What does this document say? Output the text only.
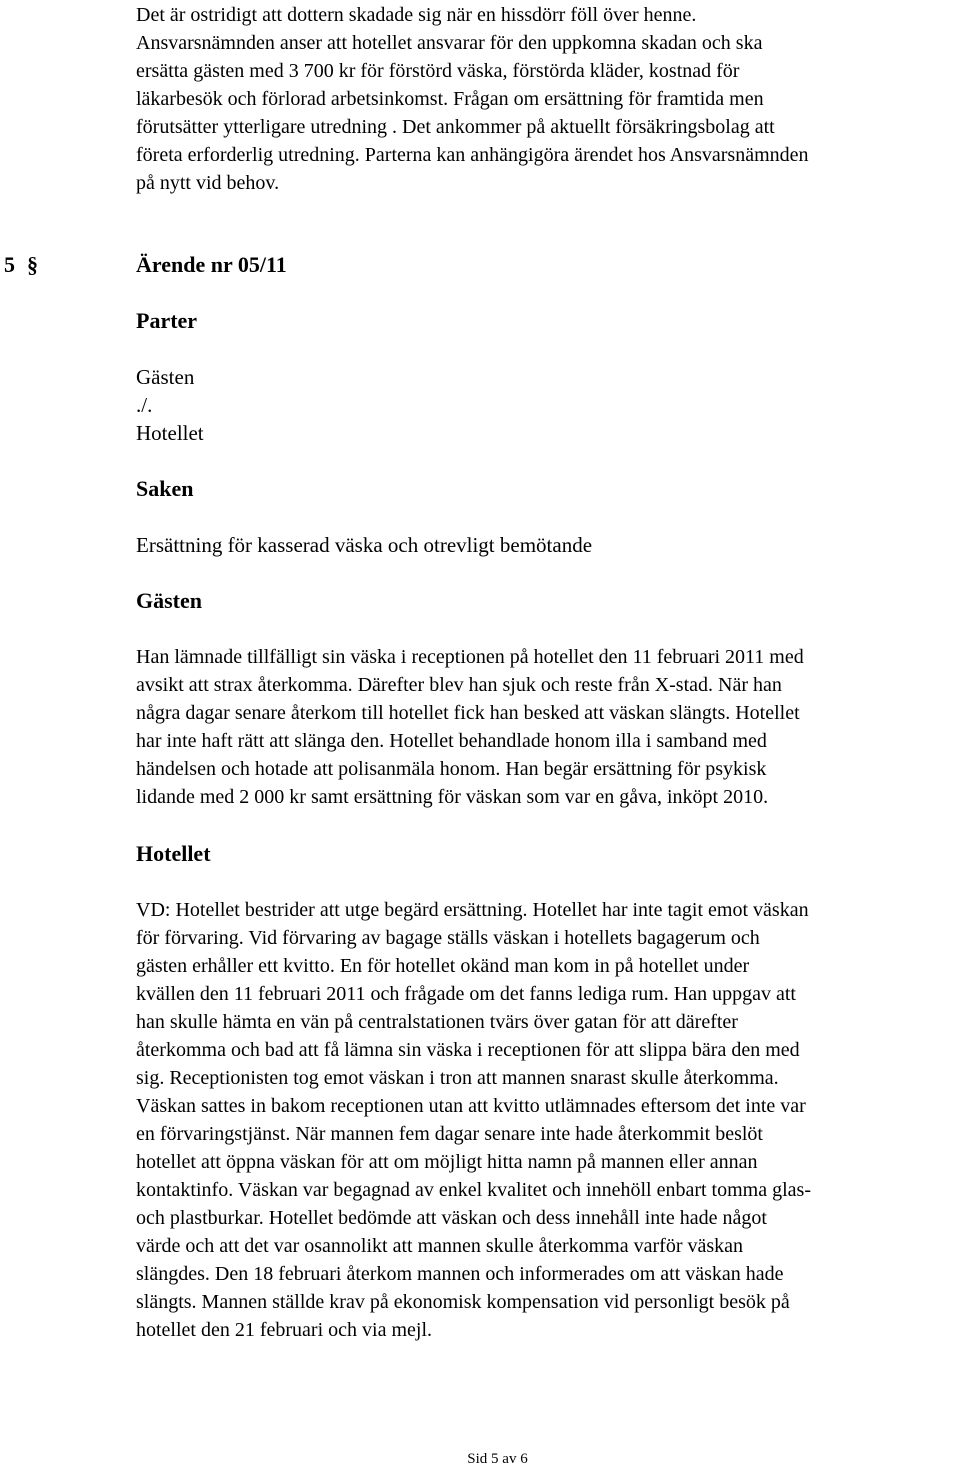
Det är ostridigt att dottern skadade sig när en hissdörr föll över henne.
Ansvarsnämnden anser att hotellet ansvarar för den uppkomna skadan och ska
ersätta gästen med 3 700 kr för förstörd väska, förstörda kläder, kostnad för
läkarbesök och förlorad arbetsinkomst. Frågan om ersättning för framtida men
förutsätter ytterligare utredning . Det ankommer på aktuellt försäkringsbolag att
företa erforderlig utredning. Parterna kan anhängigöra ärendet hos Ansvarsnämnden
på nytt vid behov.
5 §	Ärende nr 05/11
Parter

Gästen

./.

Hotellet

Saken

Ersättning för kasserad väska och otrevligt bemötande

Gästen
Han lämnade tillfälligt sin väska i receptionen på hotellet den 11 februari 2011 med
avsikt att strax återkomma. Därefter blev han sjuk och reste från X-stad. När han
några dagar senare återkom till hotellet fick han besked att väskan slängts. Hotellet
har inte haft rätt att slänga den. Hotellet behandlade honom illa i samband med
händelsen och hotade att polisanmäla honom. Han begär ersättning för psykisk
lidande med 2 000 kr samt ersättning för väskan som var en gåva, inköpt 2010.
Hotellet
VD: Hotellet bestrider att utge begärd ersättning. Hotellet har inte tagit emot väskan
för förvaring. Vid förvaring av bagage ställs väskan i hotellets bagagerum och
gästen erhåller ett kvitto. En för hotellet okänd man kom in på hotellet under
kvällen den 11 februari 2011 och frågade om det fanns lediga rum. Han uppgav att
han skulle hämta en vän på centralstationen tvärs över gatan för att därefter
återkomma och bad att få lämna sin väska i receptionen för att slippa bära den med
sig. Receptionisten tog emot väskan i tron att mannen snarast skulle återkomma.
Väskan sattes in bakom receptionen utan att kvitto utlämnades eftersom det inte var
en förvaringstjänst. När mannen fem dagar senare inte hade återkommit beslöt
hotellet att öppna väskan för att om möjligt hitta namn på mannen eller annan
kontaktinfo. Väskan var begagnad av enkel kvalitet och innehöll enbart tomma glas-
och plastburkar. Hotellet bedömde att väskan och dess innehåll inte hade något
värde och att det var osannolikt att mannen skulle återkomma varför väskan
slängdes. Den 18 februari återkom mannen och informerades om att väskan hade
slängts. Mannen ställde krav på ekonomisk kompensation vid personligt besök på
hotellet den 21 februari och via mejl.
Sid 5 av 6
